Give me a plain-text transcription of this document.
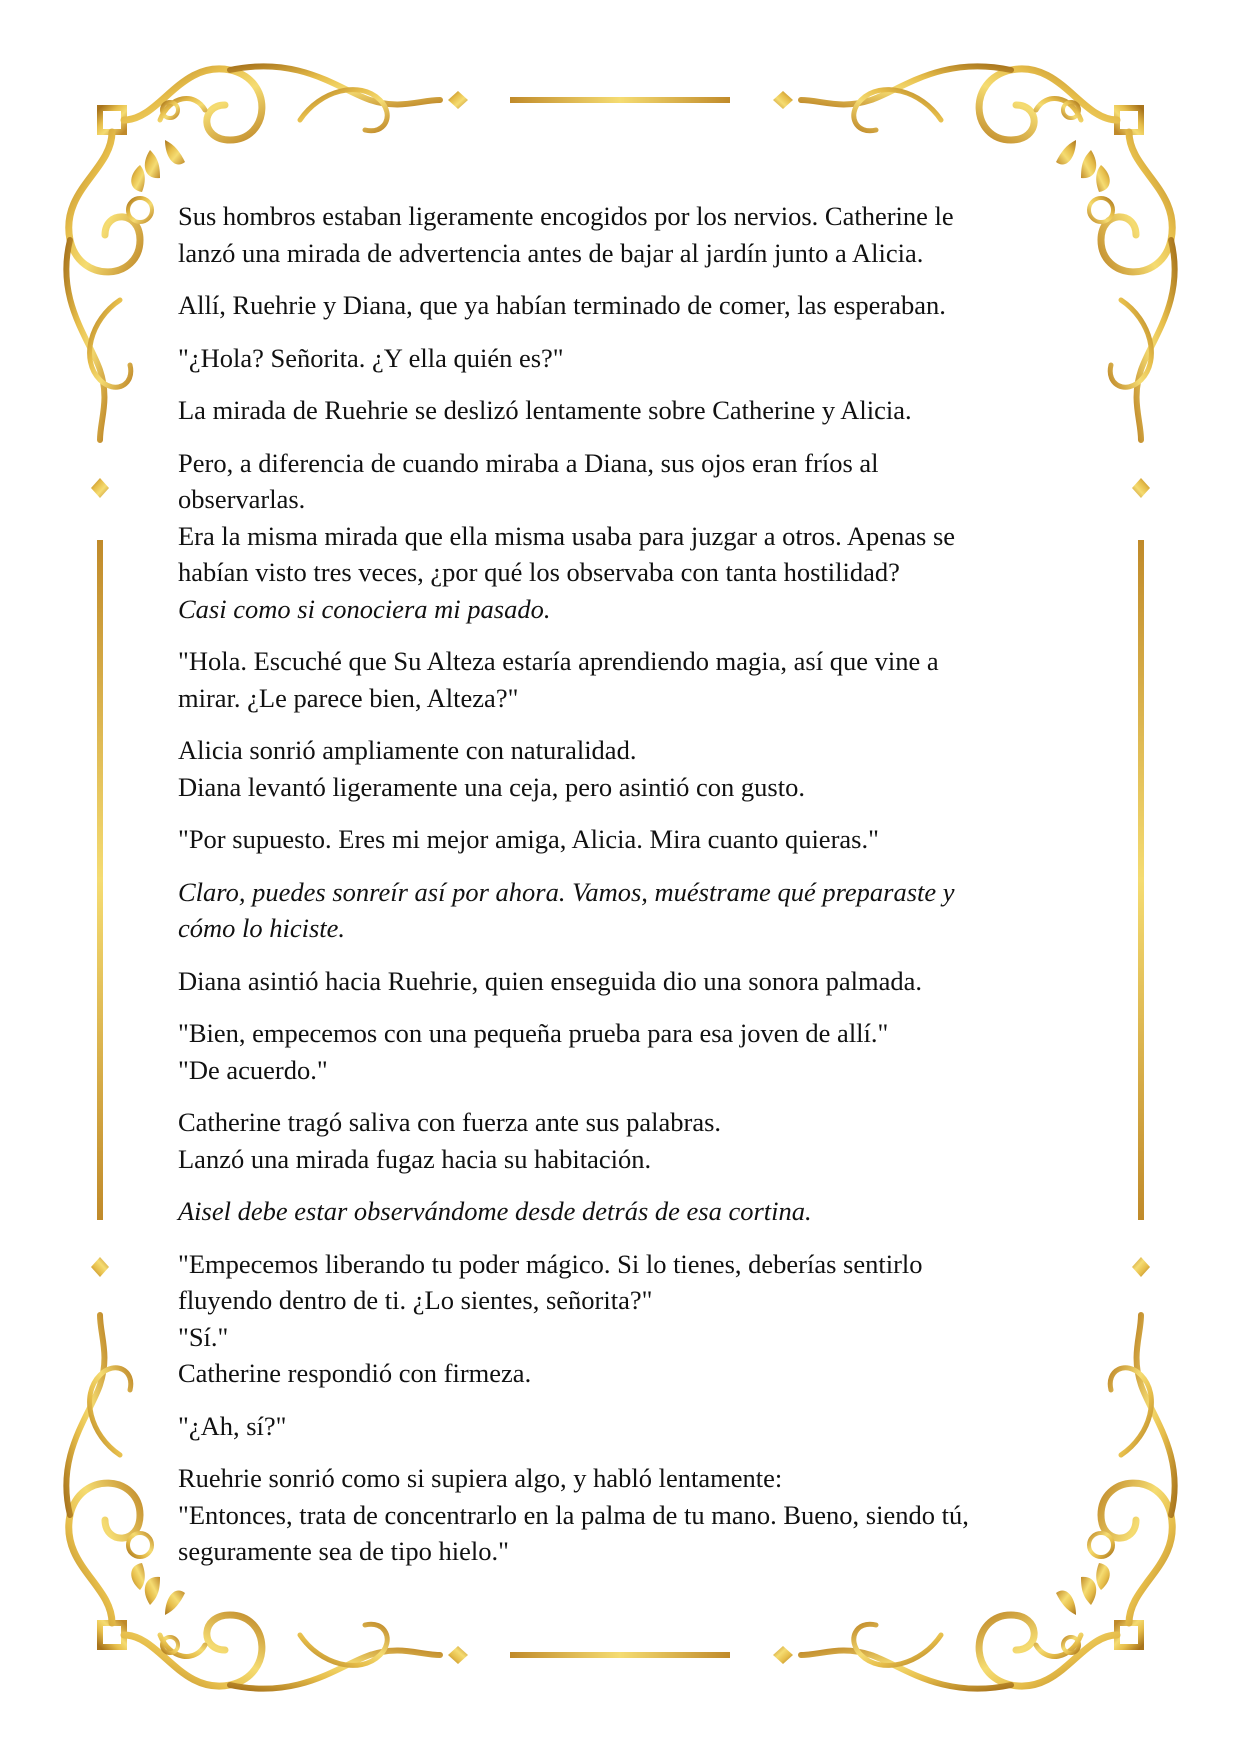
Sus hombros estaban ligeramente encogidos por los nervios. Catherine le
lanzó una mirada de advertencia antes de bajar al jardín junto a Alicia.
Allí, Ruehrie y Diana, que ya habían terminado de comer, las esperaban.
"¿Hola? Señorita. ¿Y ella quién es?"
La mirada de Ruehrie se deslizó lentamente sobre Catherine y Alicia.
Pero, a diferencia de cuando miraba a Diana, sus ojos eran fríos al
observarlas.
Era la misma mirada que ella misma usaba para juzgar a otros. Apenas se
habían visto tres veces, ¿por qué los observaba con tanta hostilidad?
Casi como si conociera mi pasado.
"Hola. Escuché que Su Alteza estaría aprendiendo magia, así que vine a
mirar. ¿Le parece bien, Alteza?"
Alicia sonrió ampliamente con naturalidad.
Diana levantó ligeramente una ceja, pero asintió con gusto.
"Por supuesto. Eres mi mejor amiga, Alicia. Mira cuanto quieras."
Claro, puedes sonreír así por ahora. Vamos, muéstrame qué preparaste y
cómo lo hiciste.
Diana asintió hacia Ruehrie, quien enseguida dio una sonora palmada.
"Bien, empecemos con una pequeña prueba para esa joven de allí."
"De acuerdo."
Catherine tragó saliva con fuerza ante sus palabras.
Lanzó una mirada fugaz hacia su habitación.
Aisel debe estar observándome desde detrás de esa cortina.
"Empecemos liberando tu poder mágico. Si lo tienes, deberías sentirlo
fluyendo dentro de ti. ¿Lo sientes, señorita?"
"Sí."
Catherine respondió con firmeza.
"¿Ah, sí?"
Ruehrie sonrió como si supiera algo, y habló lentamente:
"Entonces, trata de concentrarlo en la palma de tu mano. Bueno, siendo tú,
seguramente sea de tipo hielo."
